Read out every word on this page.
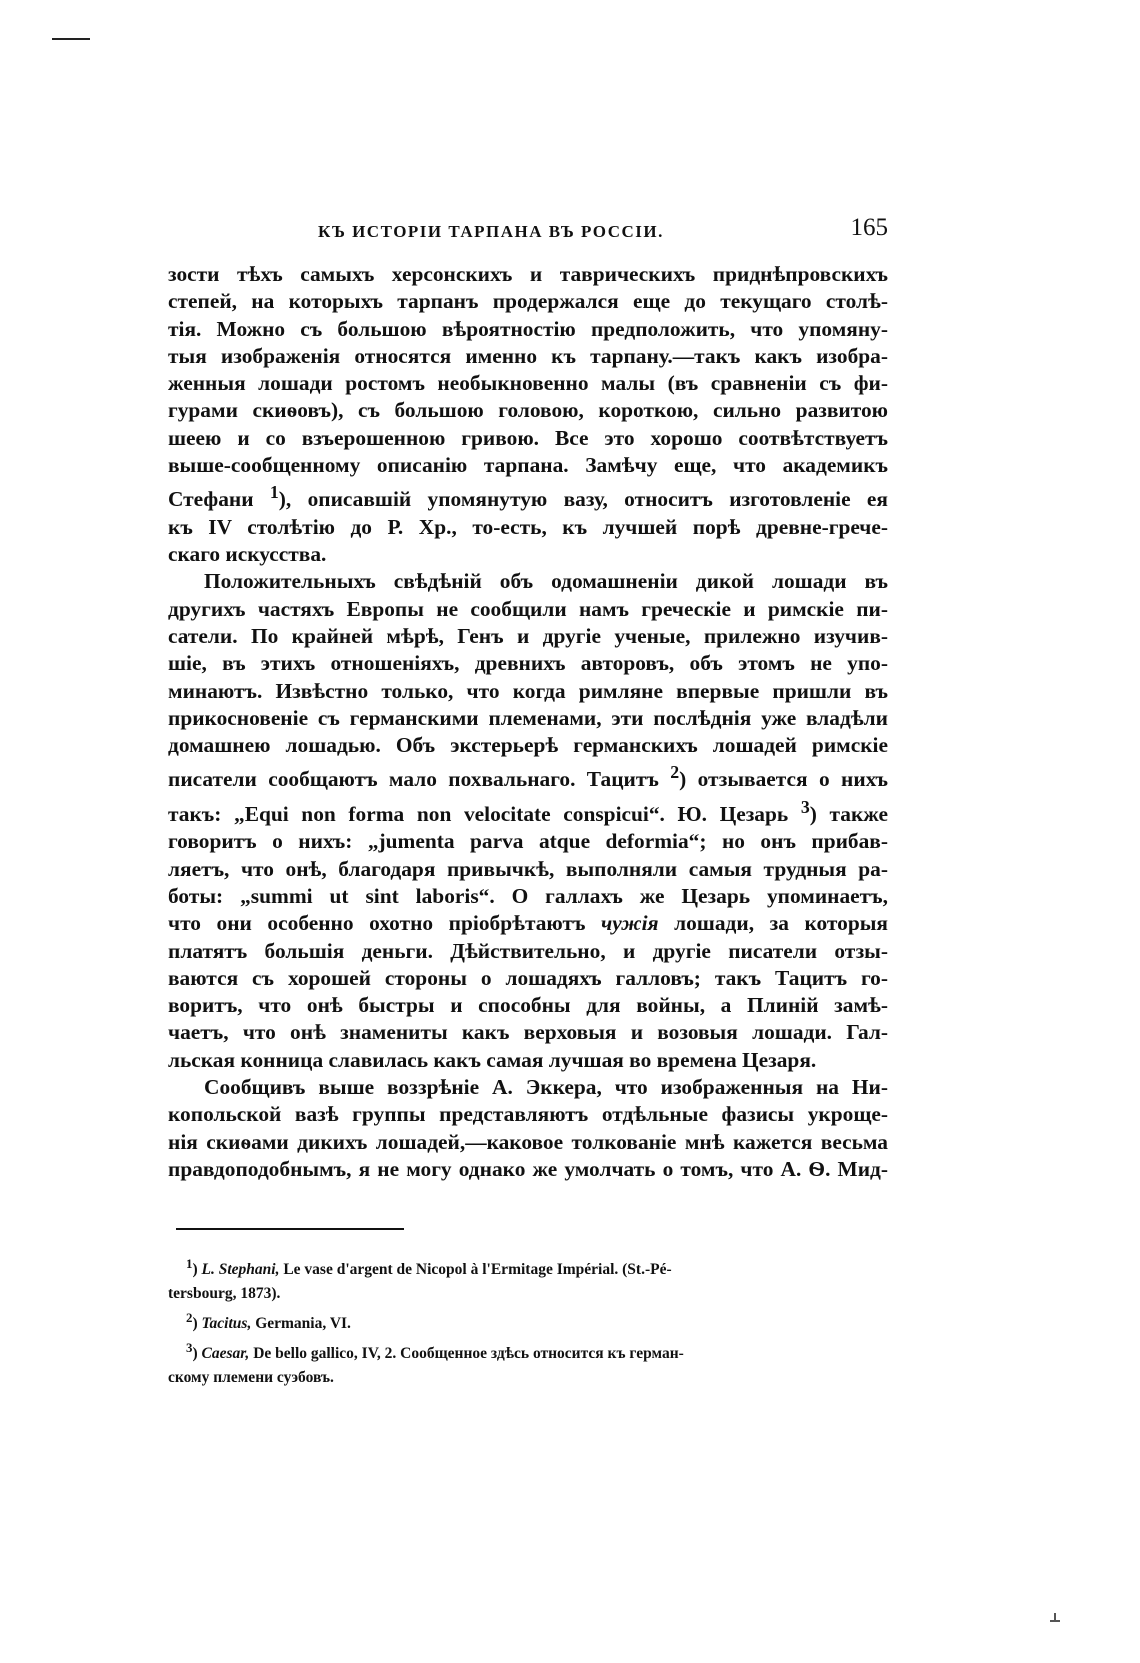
КЪ ИСТОРІИ ТАРПАНА ВЪ РОССІИ.	165
зости тѣхъ самыхъ херсонскихъ и таврическихъ приднѣпровскихъ
степей, на которыхъ тарпанъ продержался еще до текущаго столѣ-
тія. Можно съ большою вѣроятностію предположить, что упомяну-
тыя изображенія относятся именно къ тарпану.—такъ какъ изобра-
женныя лошади ростомъ необыкновенно малы (въ сравненіи съ фи-
гурами скиѳовъ), съ большою головою, короткою, сильно развитою
шеею и со взъерошенною гривою. Все это хорошо соотвѣтствуетъ
выше-сообщенному описанію тарпана. Замѣчу еще, что академикъ
Стефани $^1$), описавшій упомянутую вазу, относитъ изготовленіе ея
къ IV столѣтію до Р. Хр., то-есть, къ лучшей порѣ древне-грече-
скаго искусства.
Положительныхъ свѣдѣній объ одомашненіи дикой лошади въ
другихъ частяхъ Европы не сообщили намъ греческіе и римскіе пи-
сатели. По крайней мѣрѣ, Генъ и другіе ученые, прилежно изучив-
шіе, въ этихъ отношеніяхъ, древнихъ авторовъ, объ этомъ не упо-
минаютъ. Извѣстно только, что когда римляне впервые пришли въ
прикосновеніе съ германскими племенами, эти послѣднія уже владѣли
домашнею лошадью. Объ экстерьерѣ германскихъ лошадей римскіе
писатели сообщаютъ мало похвальнаго. Тацитъ $^2$) отзывается о нихъ
такъ: „Equi non forma non velocitate conspicui“. Ю. Цезарь $^3$) также
говоритъ о нихъ: „jumenta parva atque deformia“; но онъ прибав-
ляетъ, что онѣ, благодаря привычкѣ, выполняли самыя трудныя ра-
боты: „summi ut sint laboris“. О галлахъ же Цезарь упоминаетъ,
что они особенно охотно пріобрѣтаютъ чужія лошади, за которыя
платятъ большія деньги. Дѣйствительно, и другіе писатели отзы-
ваются съ хорошей стороны о лошадяхъ галловъ; такъ Тацитъ го-
воритъ, что онѣ быстры и способны для войны, а Плиній замѣ-
чаетъ, что онѣ знамениты какъ верховыя и возовыя лошади. Гал-
льская конница славилась какъ самая лучшая во времена Цезаря.
Сообщивъ выше воззрѣніе А. Эккера, что изображенныя на Ни-
копольской вазѣ группы представляютъ отдѣльные фазисы укроще-
нія скиѳами дикихъ лошадей,—каковое толкованіе мнѣ кажется весьма
правдоподобнымъ, я не могу однако же умолчать о томъ, что А. Ѳ. Мид-
$^1$) L. Stephani, Le vase d'argent de Nicopol à l'Ermitage Impérial. (St.-Pé-
tersbourg, 1873).
$^2$) Tacitus, Germania, VI.
$^3$) Caesar, De bello gallico, IV, 2. Сообщенное здѣсь относится къ герман-
скому племени суэбовъ.
